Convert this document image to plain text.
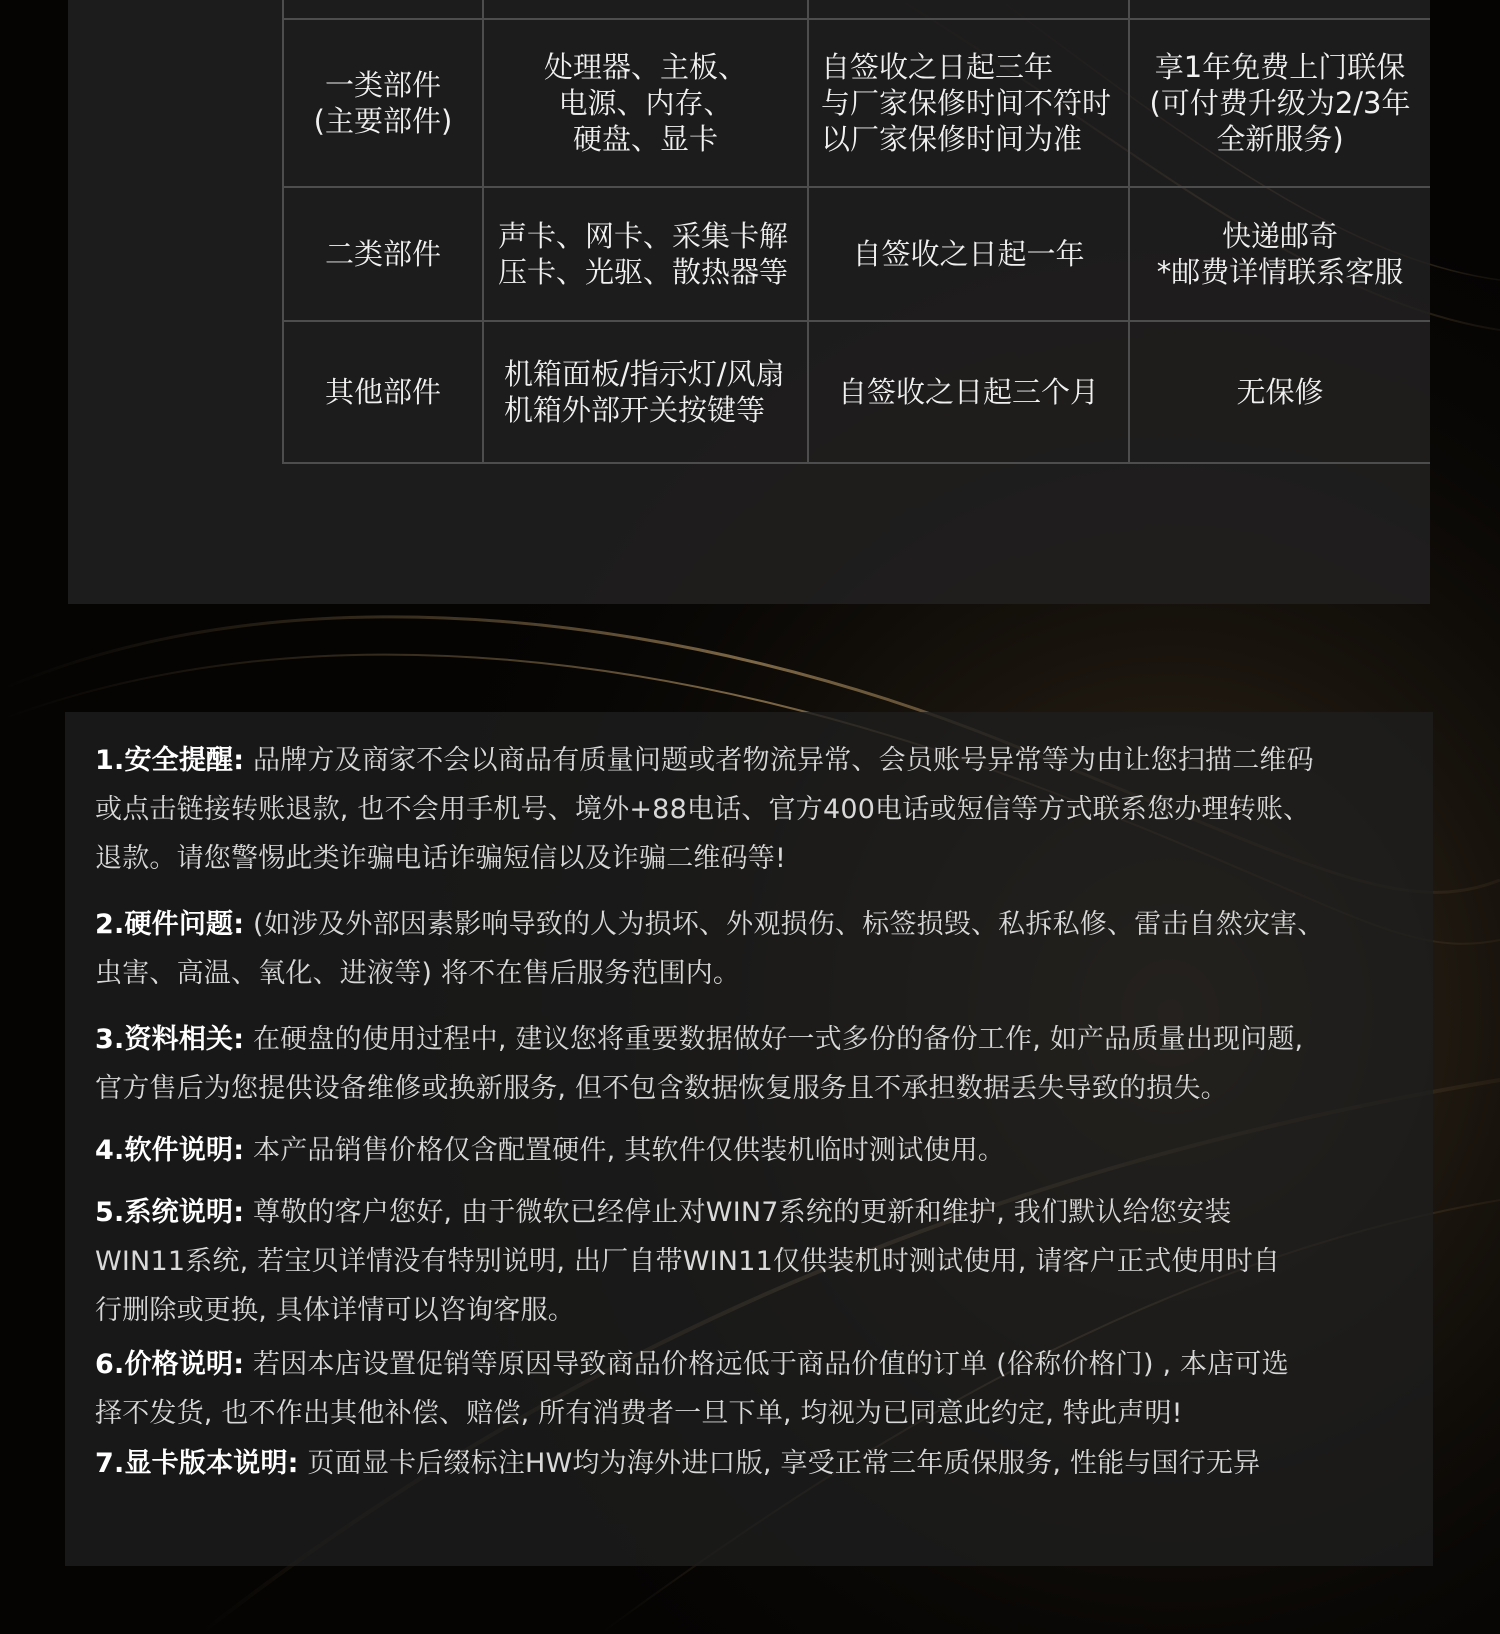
一类部件
(主要部件)
处理器、主板、
电源、内存、
硬盘、显卡
自签收之日起三年
与厂家保修时间不符时
以厂家保修时间为准
享1年免费上门联保
(可付费升级为2/3年
全新服务)
二类部件
声卡、网卡、采集卡解
压卡、光驱、散热器等
自签收之日起一年
快递邮奇
*邮费详情联系客服
其他部件
机箱面板/指示灯/风扇
机箱外部开关按键等
自签收之日起三个月	无保修
1.安全提醒: 品牌方及商家不会以商品有质量问题或者物流异常、会员账号异常等为由让您扫描二维码
或点击链接转账退款, 也不会用手机号、境外+88电话、官方400电话或短信等方式联系您办理转账、
退款。请您警惕此类诈骗电话诈骗短信以及诈骗二维码等!
2.硬件问题: (如涉及外部因素影响导致的人为损坏、外观损伤、标签损毁、私拆私修、雷击自然灾害、
虫害、高温、氧化、进液等) 将不在售后服务范围内。
3.资料相关: 在硬盘的使用过程中, 建议您将重要数据做好一式多份的备份工作, 如产品质量出现问题,
官方售后为您提供设备维修或换新服务, 但不包含数据恢复服务且不承担数据丢失导致的损失。
4.软件说明: 本产品销售价格仅含配置硬件, 其软件仅供装机临时测试使用。
5.系统说明: 尊敬的客户您好, 由于微软已经停止对WIN7系统的更新和维护, 我们默认给您安装
WIN11系统, 若宝贝详情没有特别说明, 出厂自带WIN11仅供装机时测试使用, 请客户正式使用时自
行删除或更换, 具体详情可以咨询客服。
6.价格说明: 若因本店设置促销等原因导致商品价格远低于商品价值的订单 (俗称价格门) , 本店可选
择不发货, 也不作出其他补偿、赔偿, 所有消费者一旦下单, 均视为已同意此约定, 特此声明!
7.显卡版本说明: 页面显卡后缀标注HW均为海外进口版, 享受正常三年质保服务, 性能与国行无异
